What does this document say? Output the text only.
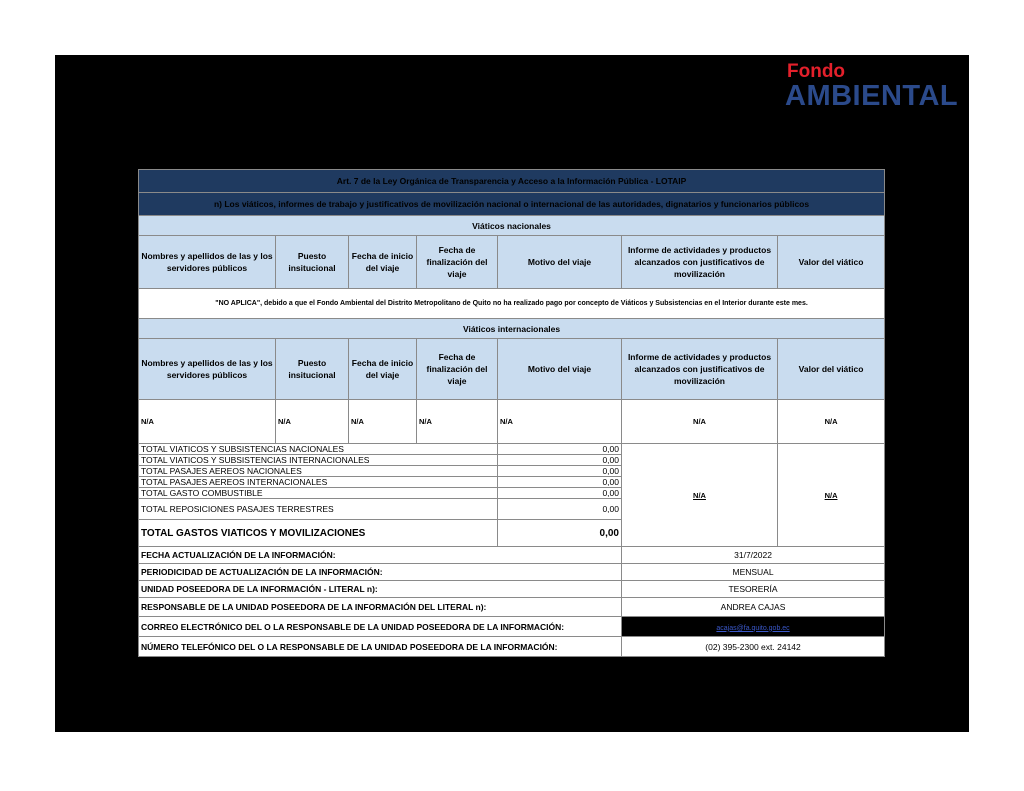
Fondo
AMBIENTAL
Art. 7 de la Ley Orgánica de Transparencia y Acceso a la Información Pública - LOTAIP						
n) Los viáticos, informes de trabajo y justificativos de movilización nacional o internacional de las autoridades, dignatarios y funcionarios públicos						
Viáticos nacionales						
Nombres y apellidos de las y los servidores públicos	Puesto insitucional	Fecha de inicio del viaje	Fecha de finalización del viaje	Motivo del viaje	Informe de actividades y productos alcanzados con justificativos de movilización	Valor del viático
"NO APLICA", debido a que el Fondo Ambiental del Distrito Metropolitano de Quito no ha realizado pago por concepto de Viáticos y Subsistencias en el Interior durante este mes.						
Viáticos internacionales						
Nombres y apellidos de las y los servidores públicos	Puesto insitucional	Fecha de inicio del viaje	Fecha de finalización del viaje	Motivo del viaje	Informe de actividades y productos alcanzados con justificativos de movilización	Valor del viático
N/A	N/A	N/A	N/A	N/A	N/A	N/A
TOTAL VIATICOS Y SUBSISTENCIAS NACIONALES				0,00	N/A	N/A
TOTAL VIATICOS Y SUBSISTENCIAS INTERNACIONALES				0,00		
TOTAL PASAJES AEREOS NACIONALES				0,00		
TOTAL PASAJES AEREOS INTERNACIONALES				0,00		
TOTAL GASTO COMBUSTIBLE				0,00		
TOTAL REPOSICIONES PASAJES TERRESTRES				0,00		
TOTAL GASTOS VIATICOS Y MOVILIZACIONES				0,00		
FECHA ACTUALIZACIÓN DE LA INFORMACIÓN:					31/7/2022	
PERIODICIDAD DE ACTUALIZACIÓN DE LA INFORMACIÓN:					MENSUAL	
UNIDAD POSEEDORA DE LA INFORMACIÓN - LITERAL n):					TESORERÍA	
RESPONSABLE DE LA UNIDAD POSEEDORA DE LA INFORMACIÓN DEL LITERAL n):					ANDREA CAJAS	
CORREO ELECTRÓNICO DEL O LA RESPONSABLE DE LA UNIDAD POSEEDORA DE LA INFORMACIÓN:					acajas@fa.quito.gob.ec	
NÚMERO TELEFÓNICO DEL O LA RESPONSABLE DE LA UNIDAD POSEEDORA DE LA INFORMACIÓN:					(02) 395-2300 ext. 24142	
